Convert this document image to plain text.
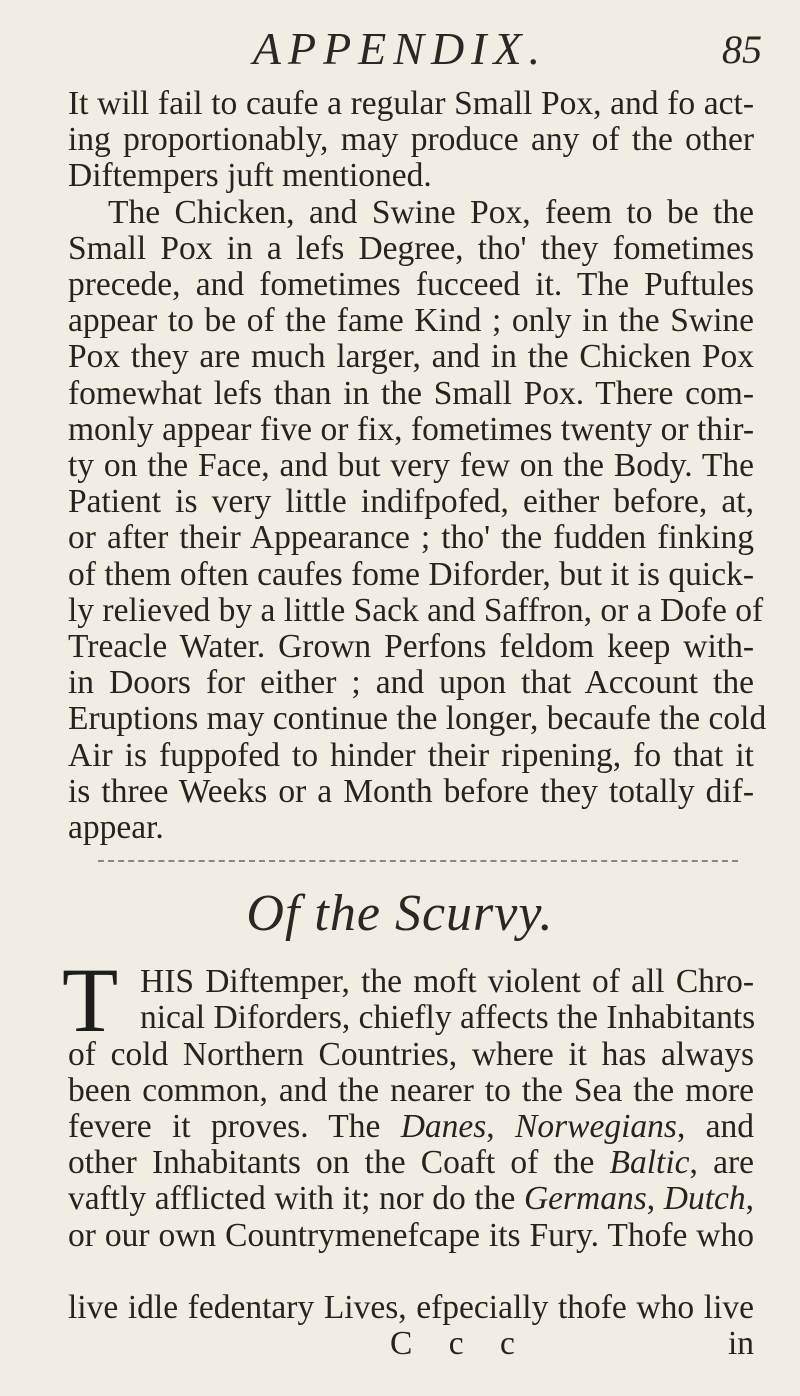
APPENDIX.	85
It will fail to caufe a regular Small Pox, and fo act-
ing proportionably, may produce any of the other
Diftempers juft mentioned.
The Chicken, and Swine Pox, feem to be the
Small Pox in a lefs Degree, tho' they fometimes
precede, and fometimes fucceed it. The Puftules
appear to be of the fame Kind ; only in the Swine
Pox they are much larger, and in the Chicken Pox
fomewhat lefs than in the Small Pox. There com-
monly appear five or fix, fometimes twenty or thir-
ty on the Face, and but very few on the Body. The
Patient is very little indifpofed, either before, at,
or after their Appearance ; tho' the fudden finking
of them often caufes fome Diforder, but it is quick-
ly relieved by a little Sack and Saffron, or a Dofe of
Treacle Water. Grown Perfons feldom keep with-
in Doors for either ; and upon that Account the
Eruptions may continue the longer, becaufe the cold
Air is fuppofed to hinder their ripening, fo that it
is three Weeks or a Month before they totally dif-
appear.
Of the Scurvy.
T HIS Diftemper, the moft violent of all Chro-
nical Diforders, chiefly affects the Inhabitants
of cold Northern Countries, where it has always
been common, and the nearer to the Sea the more
fevere it proves. The Danes, Norwegians, and
other Inhabitants on the Coaft of the Baltic, are
vaftly afflicted with it; nor do the Germans, Dutch,
or our own Countrymenefcape its Fury. Thofe who
live idle fedentary Lives, efpecially thofe who live
C c c	in
